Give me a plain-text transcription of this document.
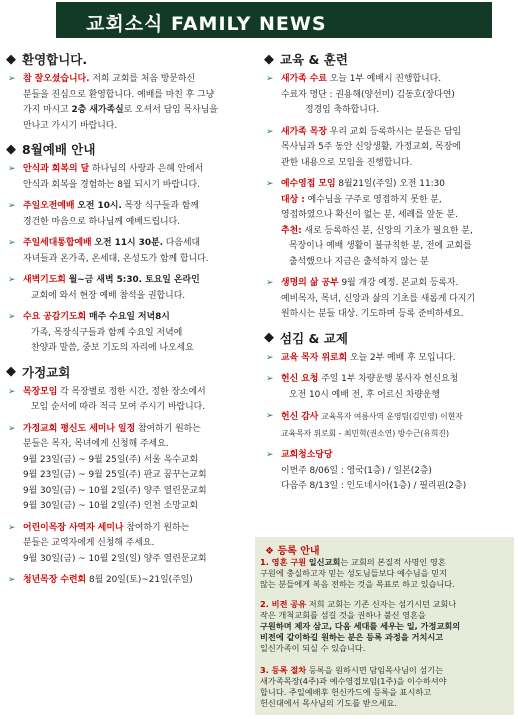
교회소식 FAMILY NEWS
◆ 환영합니다.
➢ 참 잘오셨습니다. 저희 교회를 처음 방문하신
분들을 진심으로 환영합니다. 예배를 마친 후 그냥
가지 마시고 2층 새가족실로 오셔서 담임 목사님을
만나고 가시기 바랍니다.
◆ 8월예배 안내
➢ 안식과 회복의 달 하나님의 사랑과 은혜 안에서
안식과 회복을 경험하는 8월 되시기 바랍니다.
➢ 주일오전예배 오전 10시. 목장 식구들과 함께
경건한 마음으로 하나님께 예배드립니다.
➢ 주일세대통합예배 오전 11시 30분. 다음세대
자녀들과 온가족, 온세대, 온성도가 함께 합니다.
➢ 새벽기도회 월~금 새벽 5:30. 토요일 온라인
교회에 와서 현장 예배 참석을 권합니다.
➢ 수요 공감기도회 매주 수요일 저녁8시
가족, 목장식구들과 함께 수요일 저녁에
찬양과 말씀, 중보 기도의 자리에 나오세요
◆ 가정교회
➢ 목장모임 각 목장별로 정한 시간, 정한 장소에서
모임 순서에 따라 적극 모여 주시기 바랍니다.
➢ 가정교회 평신도 세미나 일정 참여하기 원하는
분들은 목자, 목녀에게 신청해 주세요.
9월 23일(금) ~ 9월 25일(주) 서울 옥수교회
9월 23일(금) ~ 9월 25일(주) 판교 꿈꾸는교회
9월 30일(금) ~ 10월 2일(주) 양주 열린문교회
9월 30일(금) ~ 10월 2일(주) 인천 소망교회
➢ 어린이목장 사역자 세미나 참여하기 원하는
분들은 교역자에게 신청해 주세요.
9월 30일(금) ~ 10월 2일(일) 양주 열린문교회
➢ 청년목장 수련회 8월 20일(토)~21일(주일)
◆ 교육 & 훈련
➢ 새가족 수료 오늘 1부 예배시 진행합니다.
수료자 명단 : 권용해(양선미) 김동호(장다연)
정경임 축하합니다.
➢ 새가족 목장 우리 교회 등록하시는 분들은 담임
목사님과 5주 동안 신앙생활, 가정교회, 목장에
관한 내용으로 모임을 진행합니다.
➢ 예수영접 모임 8월21일(주일) 오전 11:30
대상 : 예수님을 구주로 영접하지 못한 분,
영접하였으나 확신이 없는 분, 세례를 앞둔 분.
추천: 새로 등록하신 분, 신앙의 기초가 필요한 분,
목장이나 예배 생활이 불규칙한 분, 전에 교회를
출석했으나 지금은 출석하지 않는 분
➢ 생명의 삶 공부 9월 개강 예정. 본교회 등록자.
예비목자, 목녀, 신앙과 삶의 기초를 새롭게 다지기
원하시는 분들 대상. 기도하며 등록 준비하세요.
◆ 섬김 & 교제
➢ 교육 목자 위로회 오늘 2부 예배 후 모입니다.
➢ 헌신 요청 주일 1부 차량운행 봉사자 헌신요청
오전 10시 예배 전, 후 어르신 차량운행
➢ 헌신 감사 교육목자 여름사역 운영팀(김민영) 이현자
교육목자 위로회 - 최민혁(권소연) 방수근(유희진)
➢ 교회청소당당
이번주 8/06일 : 영국(1층) / 일본(2층)
다음주 8/13일 : 인도네시아(1층) / 필리핀(2층)
❖ 등록 안내
1. 영혼 구원 일신교회는 교회의 본질적 사명인 영혼
구원에 충실하고자 믿는 성도님들보다 예수님을 믿지
않는 분들에게 복음 전하는 것을 목표로 하고 있습니다.
2. 비전 공유 저희 교회는 기존 신자는 섬기시던 교회나
작은 개척교회를 섬길 것을 권하나 불신 영혼을
구원하며 제자 삼고, 다음 세대를 세우는 일, 가정교회의
비전에 같이하길 원하는 분은 등록 과정을 거치시고
일신가족이 되실 수 있습니다.
3. 등록 절차 등록을 원하시면 담임목사님이 섬기는
새가족목장(4주)과 예수영접모임(1주)을 이수하셔야
합니다. 주일예배후 헌신카드에 등록을 표시하고
헌신대에서 목사님의 기도를 받으세요.
